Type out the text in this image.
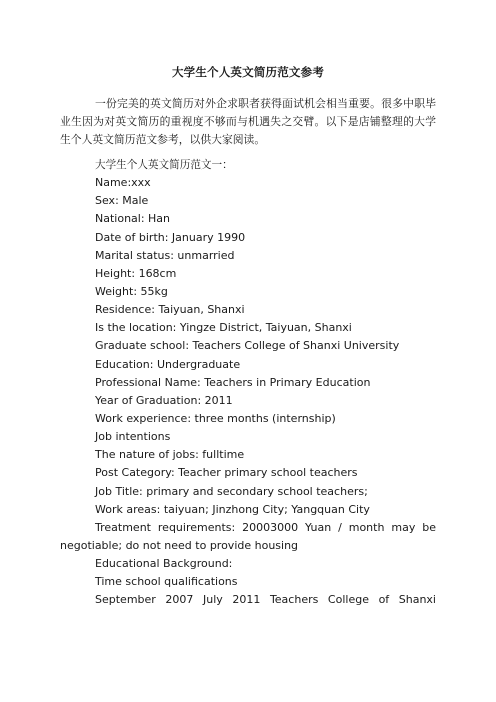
大学生个人英文简历范文参考

一份完美的英文简历对外企求职者获得面试机会相当重要。很多中职毕业生因为对英文简历的重视度不够而与机遇失之交臂。以下是店铺整理的大学生个人英文简历范文参考，以供大家阅读。

大学生个人英文简历范文一：
Name:xxx
Sex: Male
National: Han
Date of birth: January 1990
Marital status: unmarried
Height: 168cm
Weight: 55kg
Residence: Taiyuan, Shanxi
Is the location: Yingze District, Taiyuan, Shanxi
Graduate school: Teachers College of Shanxi University
Education: Undergraduate
Professional Name: Teachers in Primary Education
Year of Graduation: 2011
Work experience: three months (internship)
Job intentions
The nature of jobs: fulltime
Post Category: Teacher primary school teachers
Job Title: primary and secondary school teachers;
Work areas: taiyuan; Jinzhong City; Yangquan City

Treatment requirements: 20003000 Yuan / month may be negotiable; do not need to provide housing

Educational Background:
Time school qualifications

September 2007 July 2011 Teachers College of Shanxi
